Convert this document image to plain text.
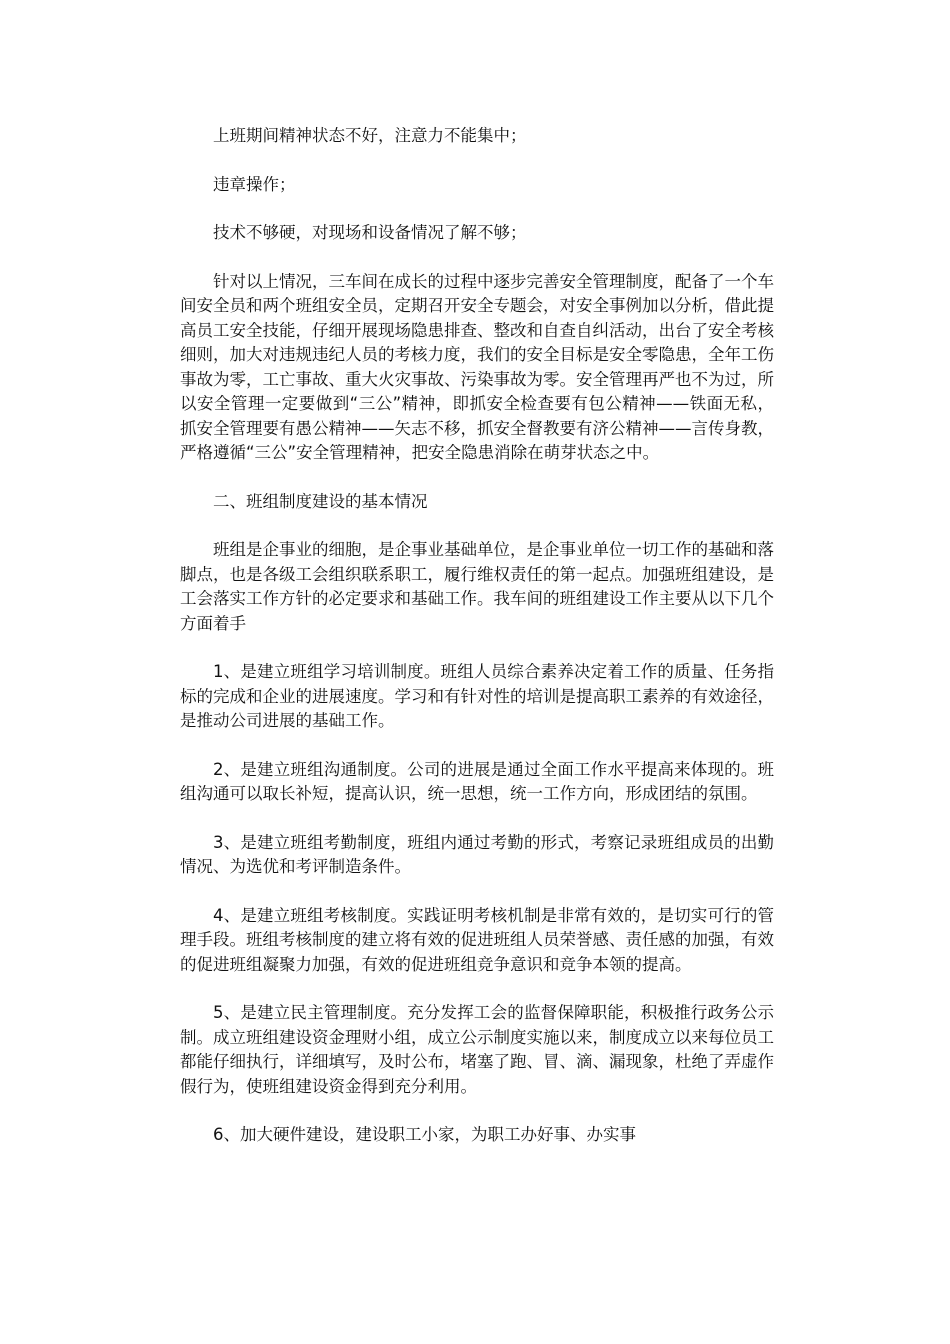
上班期间精神状态不好，注意力不能集中；

违章操作；

技术不够硬，对现场和设备情况了解不够；

针对以上情况，三车间在成长的过程中逐步完善安全管理制度，配备了一个车间安全员和两个班组安全员，定期召开安全专题会，对安全事例加以分析，借此提高员工安全技能，仔细开展现场隐患排查、整改和自查自纠活动，出台了安全考核细则，加大对违规违纪人员的考核力度，我们的安全目标是安全零隐患，全年工伤事故为零，工亡事故、重大火灾事故、污染事故为零。安全管理再严也不为过，所以安全管理一定要做到“三公”精神，即抓安全检查要有包公精神——铁面无私，抓安全管理要有愚公精神——矢志不移，抓安全督教要有济公精神——言传身教，严格遵循“三公”安全管理精神，把安全隐患消除在萌芽状态之中。

二、班组制度建设的基本情况

班组是企事业的细胞，是企事业基础单位，是企事业单位一切工作的基础和落脚点，也是各级工会组织联系职工，履行维权责任的第一起点。加强班组建设，是工会落实工作方针的必定要求和基础工作。我车间的班组建设工作主要从以下几个方面着手

1、是建立班组学习培训制度。班组人员综合素养决定着工作的质量、任务指标的完成和企业的进展速度。学习和有针对性的培训是提高职工素养的有效途径，是推动公司进展的基础工作。

2、是建立班组沟通制度。公司的进展是通过全面工作水平提高来体现的。班组沟通可以取长补短，提高认识，统一思想，统一工作方向，形成团结的氛围。

3、是建立班组考勤制度，班组内通过考勤的形式，考察记录班组成员的出勤情况、为选优和考评制造条件。

4、是建立班组考核制度。实践证明考核机制是非常有效的，是切实可行的管理手段。班组考核制度的建立将有效的促进班组人员荣誉感、责任感的加强，有效的促进班组凝聚力加强，有效的促进班组竞争意识和竞争本领的提高。

5、是建立民主管理制度。充分发挥工会的监督保障职能，积极推行政务公示制。成立班组建设资金理财小组，成立公示制度实施以来，制度成立以来每位员工都能仔细执行，详细填写，及时公布，堵塞了跑、冒、滴、漏现象，杜绝了弄虚作假行为，使班组建设资金得到充分利用。

6、加大硬件建设，建设职工小家，为职工办好事、办实事
